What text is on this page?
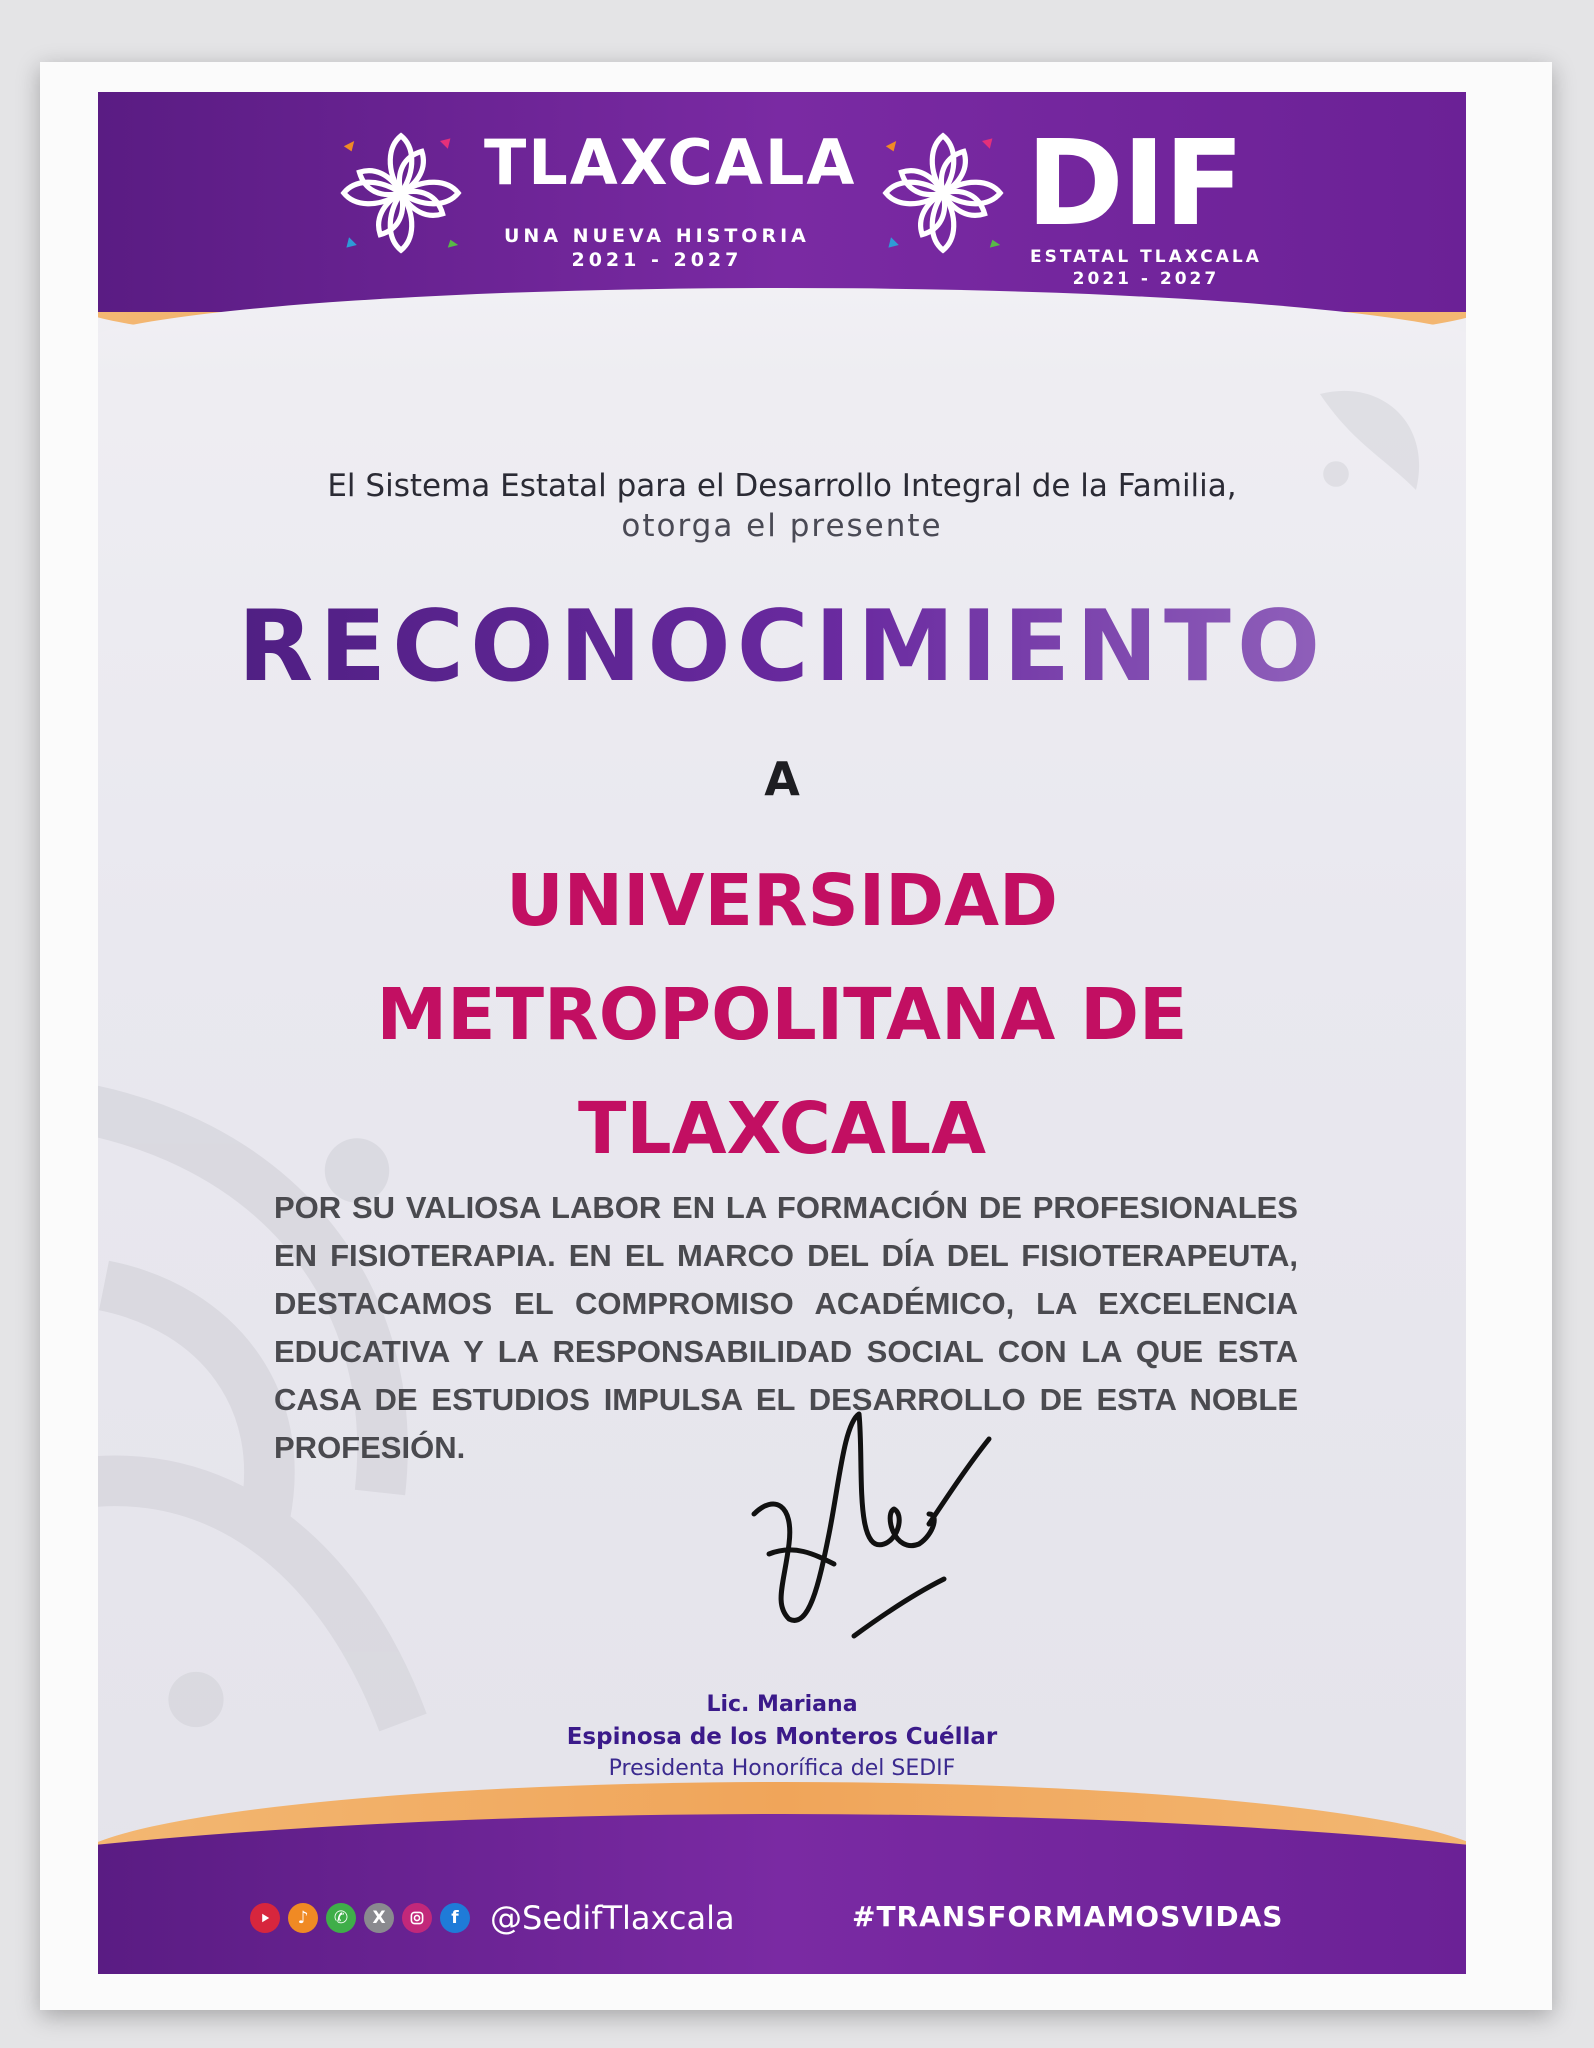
TLAXCALA
UNA NUEVA HISTORIA
2021 - 2027
DIF
ESTATAL TLAXCALA
2021 - 2027
El Sistema Estatal para el Desarrollo Integral de la Familia,
otorga el presente
RECONOCIMIENTO
A
UNIVERSIDAD
METROPOLITANA DE
TLAXCALA
POR SU VALIOSA LABOR EN LA FORMACIÓN DE PROFESIONALES EN FISIOTERAPIA. EN EL MARCO DEL DÍA DEL FISIOTERAPEUTA, DESTACAMOS EL COMPROMISO ACADÉMICO, LA EXCELENCIA EDUCATIVA Y LA RESPONSABILIDAD SOCIAL CON LA QUE ESTA CASA DE ESTUDIOS IMPULSA EL DESARROLLO DE ESTA NOBLE PROFESIÓN.
Lic. Mariana
Espinosa de los Monteros Cuéllar
Presidenta Honorífica del SEDIF
♪	✆	X	f @SedifTlaxcala	#TRANSFORMAMOSVIDAS
